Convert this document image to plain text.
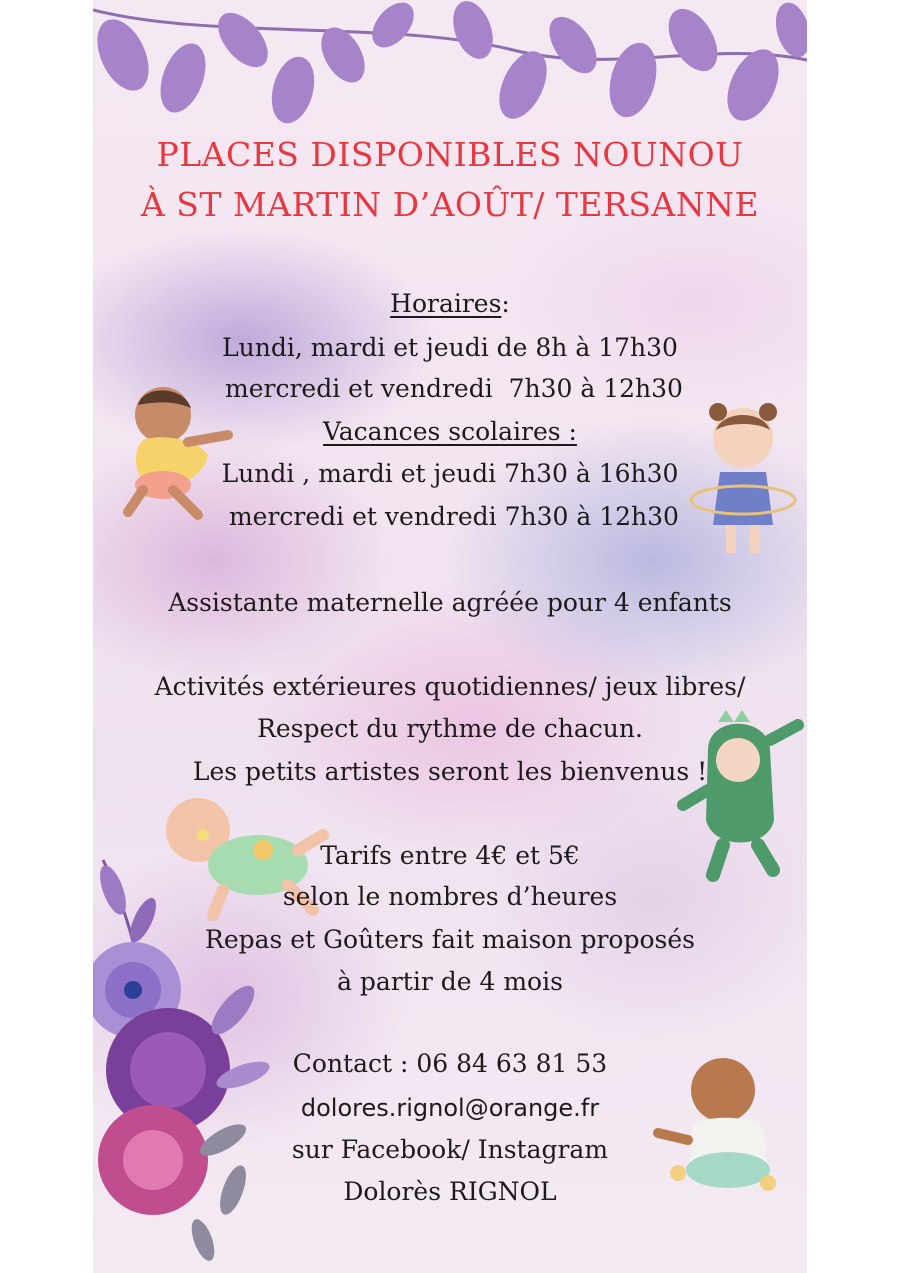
PLACES DISPONIBLES NOUNOU
À ST MARTIN D’AOÛT/ TERSANNE
Horaires:
Lundi, mardi et jeudi de 8h à 17h30
mercredi et vendredi  7h30 à 12h30
Vacances scolaires :
Lundi , mardi et jeudi 7h30 à 16h30
mercredi et vendredi 7h30 à 12h30
Assistante maternelle agréée pour 4 enfants
Activités extérieures quotidiennes/ jeux libres/
Respect du rythme de chacun.
Les petits artistes seront les bienvenus !
Tarifs entre 4€ et 5€
selon le nombres d’heures
Repas et Goûters fait maison proposés
à partir de 4 mois
Contact : 06 84 63 81 53
dolores.rignol@orange.fr
sur Facebook/ Instagram
Dolorès RIGNOL
